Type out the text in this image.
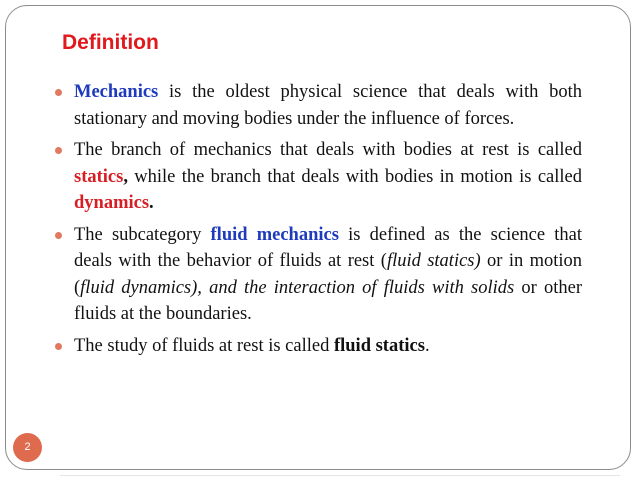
Definition
Mechanics is the oldest physical science that deals with both stationary and moving bodies under the influence of forces.
The branch of mechanics that deals with bodies at rest is called statics, while the branch that deals with bodies in motion is called dynamics.
The subcategory fluid mechanics is defined as the science that deals with the behavior of fluids at rest (fluid statics) or in motion (fluid dynamics), and the interaction of fluids with solids or other fluids at the boundaries.
The study of fluids at rest is called fluid statics.
2
